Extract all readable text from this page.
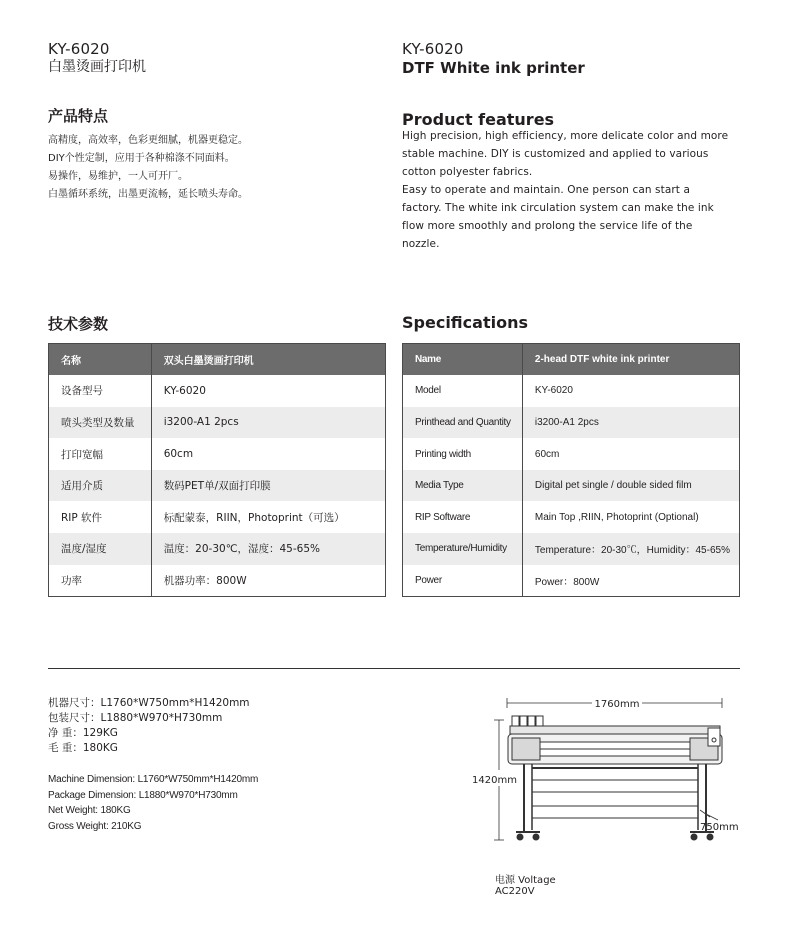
KY-6020
白墨烫画打印机
产品特点
高精度，高效率，色彩更细腻，机器更稳定。
DIY个性定制，应用于各种棉涤不同面料。
易操作，易维护，一人可开厂。
白墨循环系统，出墨更流畅，延长喷头寿命。
技术参数
名称	双头白墨烫画打印机
设备型号	KY-6020
喷头类型及数量	i3200-A1 2pcs
打印宽幅	60cm
适用介质	数码PET单/双面打印膜
RIP 软件	标配蒙泰，RIIN，Photoprint（可选）
温度/湿度	温度：20-30℃，湿度：45-65%
功率	机器功率：800W
KY-6020
DTF White ink printer
Product features
High precision, high efficiency, more delicate color and more
stable machine. DIY is customized and applied to various
cotton polyester fabrics.
Easy to operate and maintain. One person can start a
factory. The white ink circulation system can make the ink
flow more smoothly and prolong the service life of the
nozzle.
Specifications
Name	2-head DTF white ink printer
Model	KY-6020
Printhead and Quantity	i3200-A1 2pcs
Printing width	60cm
Media Type	Digital pet single / double sided film
RIP Software	Main Top ,RIIN, Photoprint (Optional)
Temperature/Humidity	Temperature：20-30℃，Humidity：45-65%
Power	Power：800W
机器尺寸：L1760*W750mm*H1420mm
包装尺寸：L1880*W970*H730mm
净 重：129KG
毛 重：180KG
Machine Dimension: L1760*W750mm*H1420mm
Package Dimension: L1880*W970*H730mm
Net Weight: 180KG
Gross Weight: 210KG
1760mm
1420mm
750mm
电源 Voltage
AC220V
